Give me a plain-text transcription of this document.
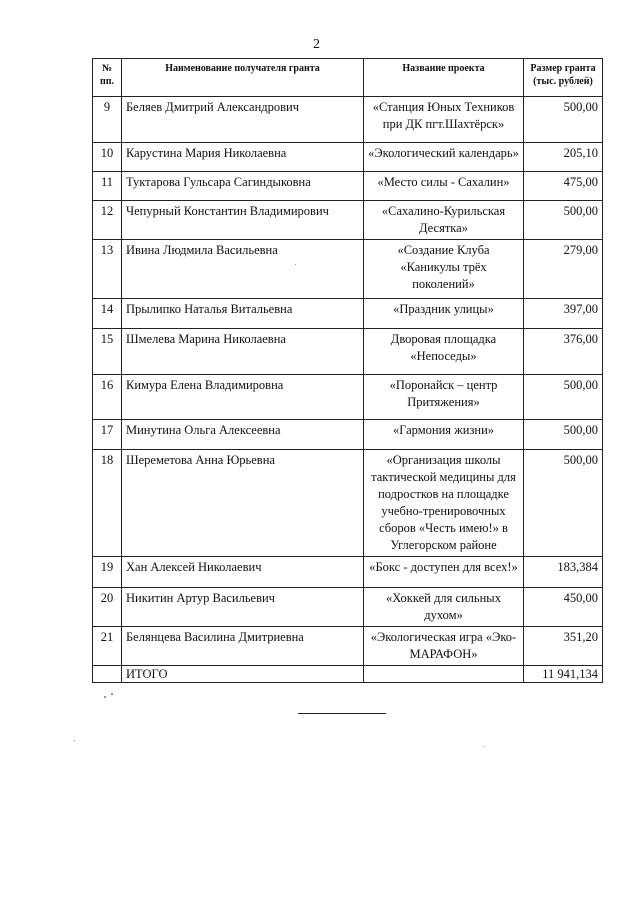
2
№ пп.	Наименование получателя гранта	Название проекта	Размер гранта (тыс. рублей)
9	Беляев Дмитрий Александрович	«Станция Юных Техников при ДК пгт.Шахтёрск»	500,00
10	Карустина Мария Николаевна	«Экологический календарь»	205,10
11	Туктарова Гульсара Сагиндыковна	«Место силы - Сахалин»	475,00
12	Чепурный Константин Владимирович	«Сахалино-Курильская Десятка»	500,00
13	Ивина Людмила Васильевна	«Создание Клуба «Каникулы трёх поколений»	279,00
14	Прылипко Наталья Витальевна	«Праздник улицы»	397,00
15	Шмелева Марина Николаевна	Дворовая площадка «Непоседы»	376,00
16	Кимура Елена Владимировна	«Поронайск – центр Притяжения»	500,00
17	Минутина Ольга Алексеевна	«Гармония жизни»	500,00
18	Шереметова Анна Юрьевна	«Организация школы тактической медицины для подростков на площадке учебно-тренировочных сборов «Честь имею!» в Углегорском районе	500,00
19	Хан Алексей Николаевич	«Бокс - доступен для всех!»	183,384
20	Никитин Артур Васильевич	«Хоккей для сильных духом»	450,00
21	Белянцева Василина Дмитриевна	«Экологическая игра «Эко-МАРАФОН»	351,20
	ИТОГО		11 941,134
